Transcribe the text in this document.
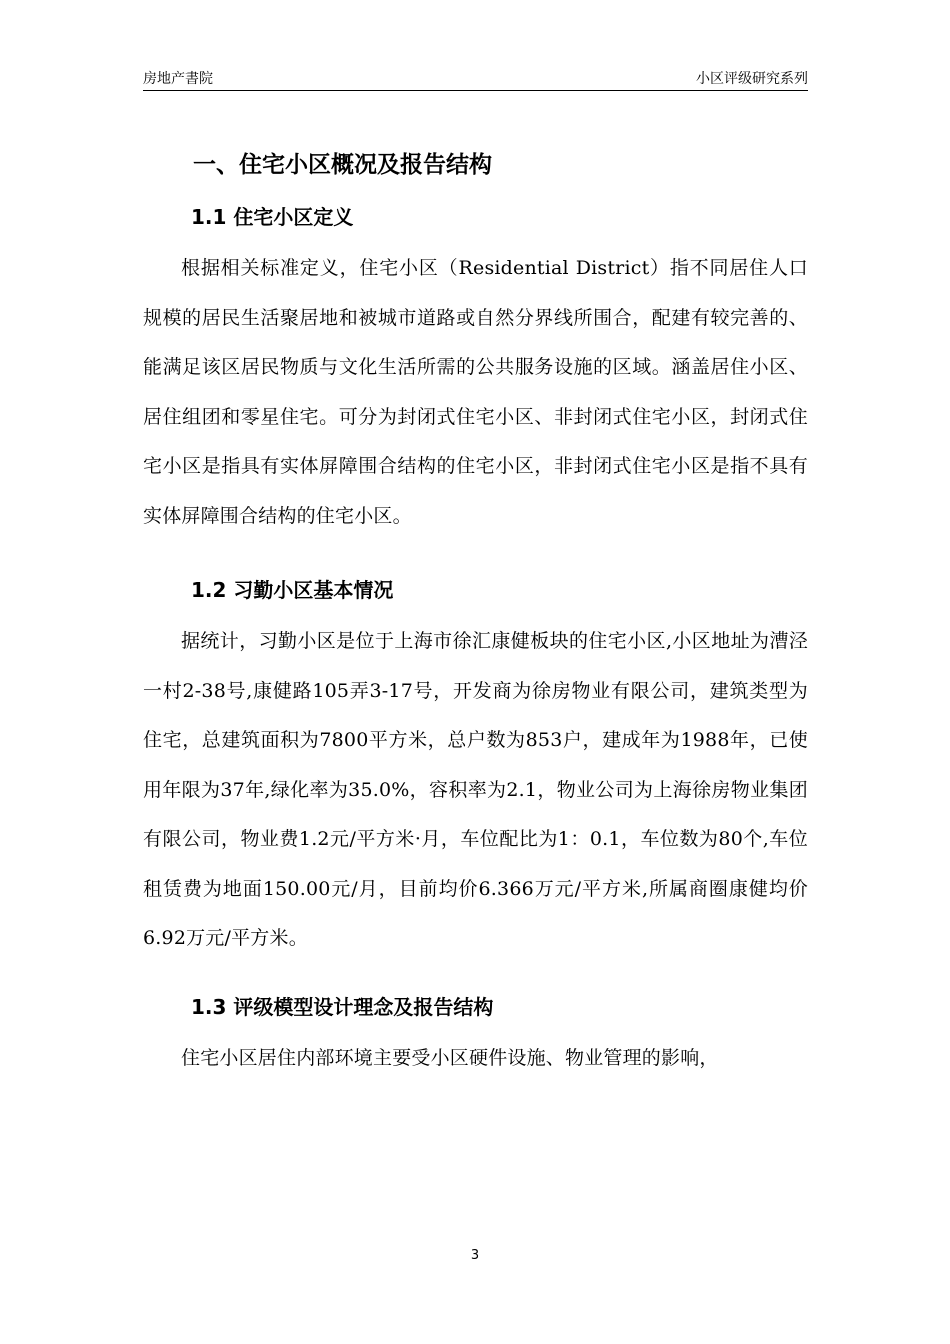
房地产書院	小区评级研究系列
一、住宅小区概况及报告结构
1.1 住宅小区定义

根据相关标准定义，住宅小区（Residential District）指不同居住人口规模的居民生活聚居地和被城市道路或自然分界线所围合，配建有较完善的、能满足该区居民物质与文化生活所需的公共服务设施的区域。涵盖居住小区、居住组团和零星住宅。可分为封闭式住宅小区、非封闭式住宅小区，封闭式住宅小区是指具有实体屏障围合结构的住宅小区，非封闭式住宅小区是指不具有实体屏障围合结构的住宅小区。

1.2 习勤小区基本情况

据统计，习勤小区是位于上海市徐汇康健板块的住宅小区,小区地址为漕泾一村2-38号,康健路105弄3-17号，开发商为徐房物业有限公司，建筑类型为住宅，总建筑面积为7800平方米，总户数为853户，建成年为1988年，已使用年限为37年,绿化率为35.0%，容积率为2.1，物业公司为上海徐房物业集团有限公司，物业费1.2元/平方米·月，车位配比为1：0.1，车位数为80个,车位租赁费为地面150.00元/月，目前均价6.366万元/平方米,所属商圈康健均价6.92万元/平方米。

1.3 评级模型设计理念及报告结构

住宅小区居住内部环境主要受小区硬件设施、物业管理的影响，

3
